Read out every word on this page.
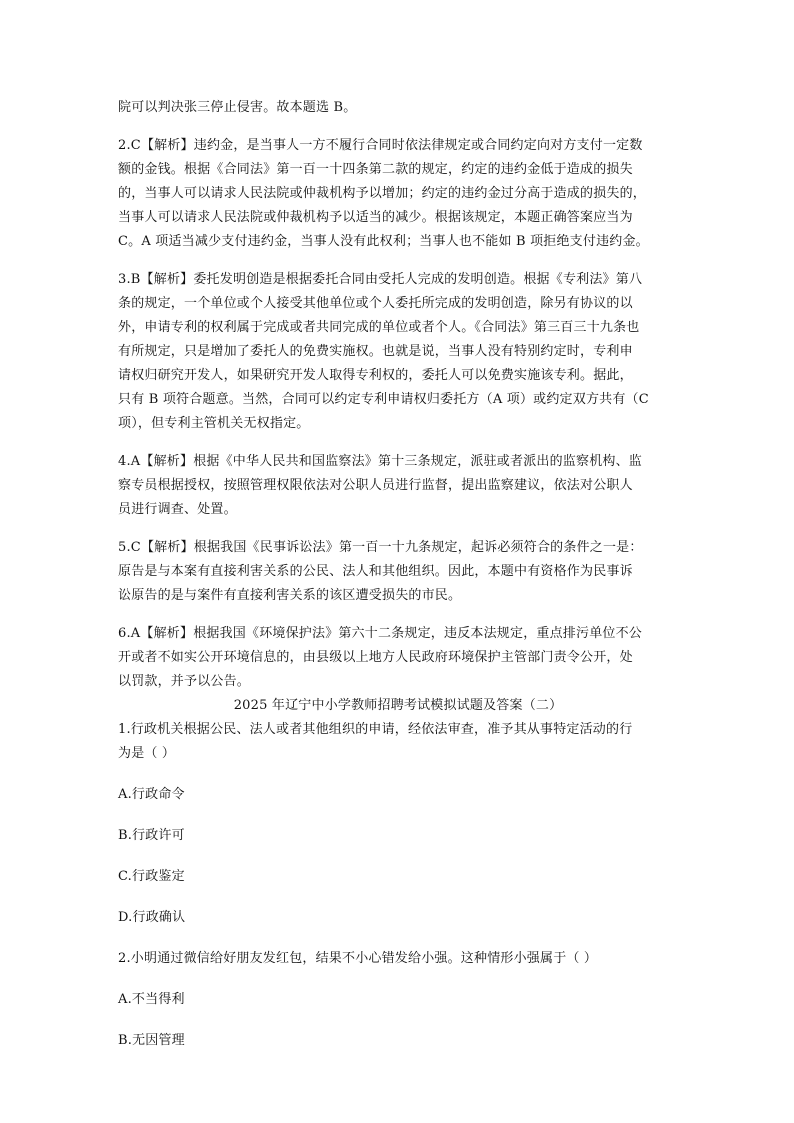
院可以判决张三停止侵害。故本题选 B。

2.C【解析】违约金，是当事人一方不履行合同时依法律规定或合同约定向对方支付一定数

额的金钱。根据《合同法》第一百一十四条第二款的规定，约定的违约金低于造成的损失

的，当事人可以请求人民法院或仲裁机构予以增加；约定的违约金过分高于造成的损失的，

当事人可以请求人民法院或仲裁机构予以适当的减少。根据该规定，本题正确答案应当为

C。A 项适当减少支付违约金，当事人没有此权利；当事人也不能如 B 项拒绝支付违约金。

3.B【解析】委托发明创造是根据委托合同由受托人完成的发明创造。根据《专利法》第八

条的规定，一个单位或个人接受其他单位或个人委托所完成的发明创造，除另有协议的以

外，申请专利的权利属于完成或者共同完成的单位或者个人。《合同法》第三百三十九条也

有所规定，只是增加了委托人的免费实施权。也就是说，当事人没有特别约定时，专利申

请权归研究开发人，如果研究开发人取得专利权的，委托人可以免费实施该专利。据此，

只有 B 项符合题意。当然，合同可以约定专利申请权归委托方（A 项）或约定双方共有（C

项），但专利主管机关无权指定。

4.A【解析】根据《中华人民共和国监察法》第十三条规定，派驻或者派出的监察机构、监

察专员根据授权，按照管理权限依法对公职人员进行监督，提出监察建议，依法对公职人

员进行调查、处置。

5.C【解析】根据我国《民事诉讼法》第一百一十九条规定，起诉必须符合的条件之一是：

原告是与本案有直接利害关系的公民、法人和其他组织。因此，本题中有资格作为民事诉

讼原告的是与案件有直接利害关系的该区遭受损失的市民。

6.A【解析】根据我国《环境保护法》第六十二条规定，违反本法规定，重点排污单位不公

开或者不如实公开环境信息的，由县级以上地方人民政府环境保护主管部门责令公开，处

以罚款，并予以公告。

2025 年辽宁中小学教师招聘考试模拟试题及答案（二）

1.行政机关根据公民、法人或者其他组织的申请，经依法审查，准予其从事特定活动的行

为是（ ）

A.行政命令

B.行政许可

C.行政鉴定

D.行政确认

2.小明通过微信给好朋友发红包，结果不小心错发给小强。这种情形小强属于（ ）

A.不当得利

B.无因管理
